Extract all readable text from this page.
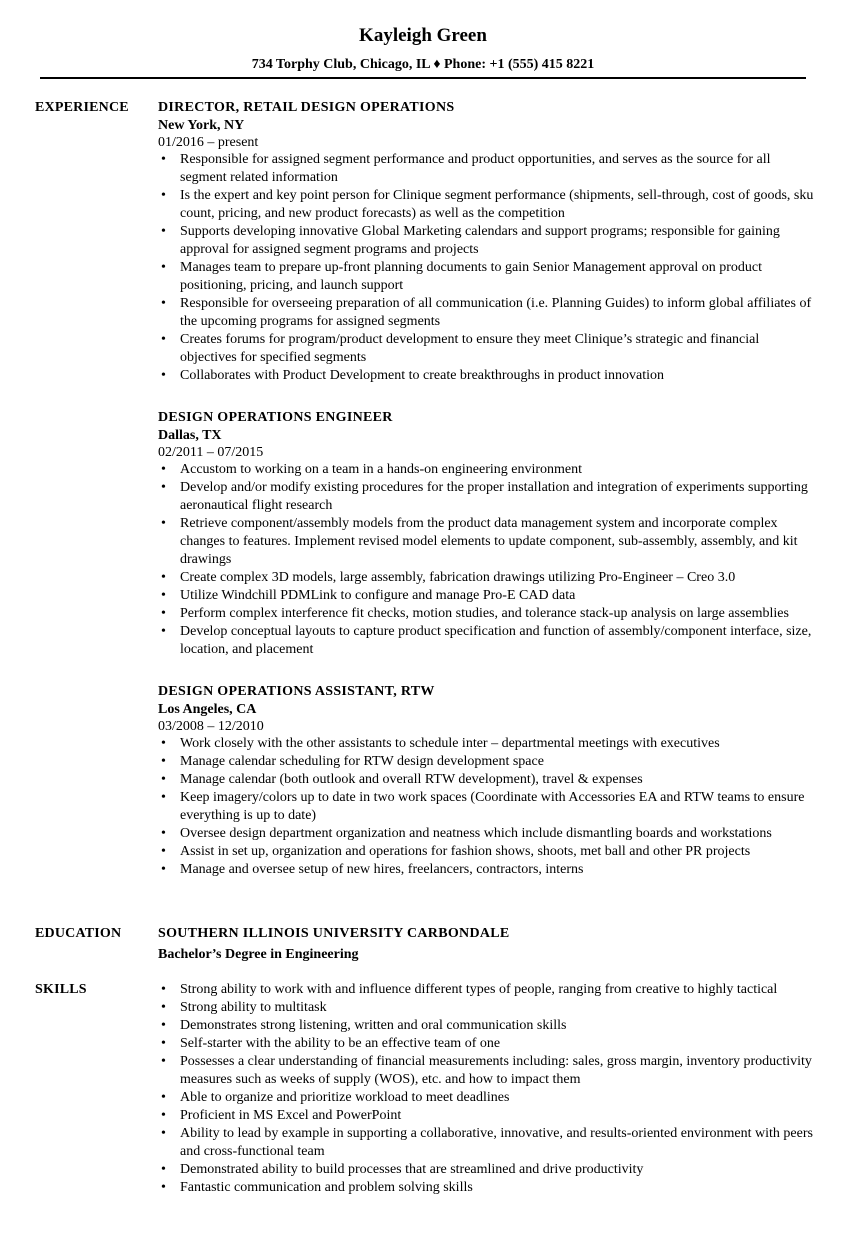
Kayleigh Green
734 Torphy Club, Chicago, IL ♦ Phone: +1 (555) 415 8221
EXPERIENCE	DIRECTOR, RETAIL DESIGN OPERATIONS
New York, NY
01/2016 – present
• Responsible for assigned segment performance and product opportunities, and serves as the source for all segment related information
• Is the expert and key point person for Clinique segment performance (shipments, sell-through, cost of goods, sku count, pricing, and new product forecasts) as well as the competition
• Supports developing innovative Global Marketing calendars and support programs; responsible for gaining approval for assigned segment programs and projects
• Manages team to prepare up-front planning documents to gain Senior Management approval on product positioning, pricing, and launch support
• Responsible for overseeing preparation of all communication (i.e. Planning Guides) to inform global affiliates of the upcoming programs for assigned segments
• Creates forums for program/product development to ensure they meet Clinique’s strategic and financial objectives for specified segments
• Collaborates with Product Development to create breakthroughs in product innovation
DESIGN OPERATIONS ENGINEER
Dallas, TX
02/2011 – 07/2015
• Accustom to working on a team in a hands-on engineering environment
• Develop and/or modify existing procedures for the proper installation and integration of experiments supporting aeronautical flight research
• Retrieve component/assembly models from the product data management system and incorporate complex changes to features. Implement revised model elements to update component, sub-assembly, assembly, and kit drawings
• Create complex 3D models, large assembly, fabrication drawings utilizing Pro-Engineer – Creo 3.0
• Utilize Windchill PDMLink to configure and manage Pro-E CAD data
• Perform complex interference fit checks, motion studies, and tolerance stack-up analysis on large assemblies
• Develop conceptual layouts to capture product specification and function of assembly/component interface, size, location, and placement
DESIGN OPERATIONS ASSISTANT, RTW
Los Angeles, CA
03/2008 – 12/2010
• Work closely with the other assistants to schedule inter – departmental meetings with executives
• Manage calendar scheduling for RTW design development space
• Manage calendar (both outlook and overall RTW development), travel & expenses
• Keep imagery/colors up to date in two work spaces (Coordinate with Accessories EA and RTW teams to ensure everything is up to date)
• Oversee design department organization and neatness which include dismantling boards and workstations
• Assist in set up, organization and operations for fashion shows, shoots, met ball and other PR projects
• Manage and oversee setup of new hires, freelancers, contractors, interns
EDUCATION	SOUTHERN ILLINOIS UNIVERSITY CARBONDALE
Bachelor’s Degree in Engineering
SKILLS
•	Strong ability to work with and influence different types of people, ranging from creative to highly tactical
• Strong ability to multitask
• Demonstrates strong listening, written and oral communication skills
• Self-starter with the ability to be an effective team of one
• Possesses a clear understanding of financial measurements including: sales, gross margin, inventory productivity measures such as weeks of supply (WOS), etc. and how to impact them
• Able to organize and prioritize workload to meet deadlines
• Proficient in MS Excel and PowerPoint
• Ability to lead by example in supporting a collaborative, innovative, and results-oriented environment with peers and cross-functional team
• Demonstrated ability to build processes that are streamlined and drive productivity
• Fantastic communication and problem solving skills
